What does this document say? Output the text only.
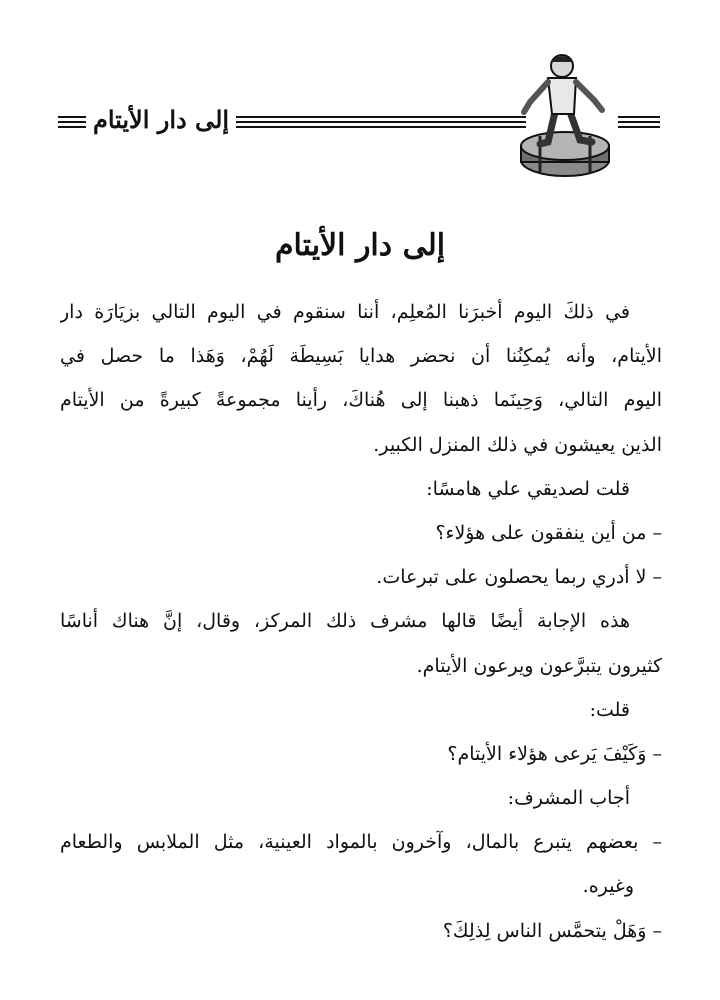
إلى دار الأيتام
إلى دار الأيتام
في ذلكَ اليوم أخبرَنا المُعلِم، أننا سنقوم في اليوم التالي بزيَارَة دار
الأيتام، وأنه يُمكِنُنا أن نحضر هدايا بَسِيطَة لَهُمْ، وَهَذا ما حصل في
اليوم التالي، وَحِينَما ذهبنا إلى هُناكَ، رأينا مجموعةً كبيرةً من الأيتام
الذين يعيشون في ذلك المنزل الكبير.
قلت لصديقي علي هامسًا:
– من أين ينفقون على هؤلاء؟
– لا أدري ربما يحصلون على تبرعات.
هذه الإجابة أيضًا قالها مشرف ذلك المركز، وقال، إنَّ هناك أناسًا
كثيرون يتبرَّعون ويرعون الأيتام.
قلت:
– وَكَيْفَ يَرعى هؤلاء الأيتام؟
أجاب المشرف:
– بعضهم يتبرع بالمال، وآخرون بالمواد العينية، مثل الملابس والطعام
وغيره.
– وَهَلْ يتحمَّس الناس لِذلِكَ؟
